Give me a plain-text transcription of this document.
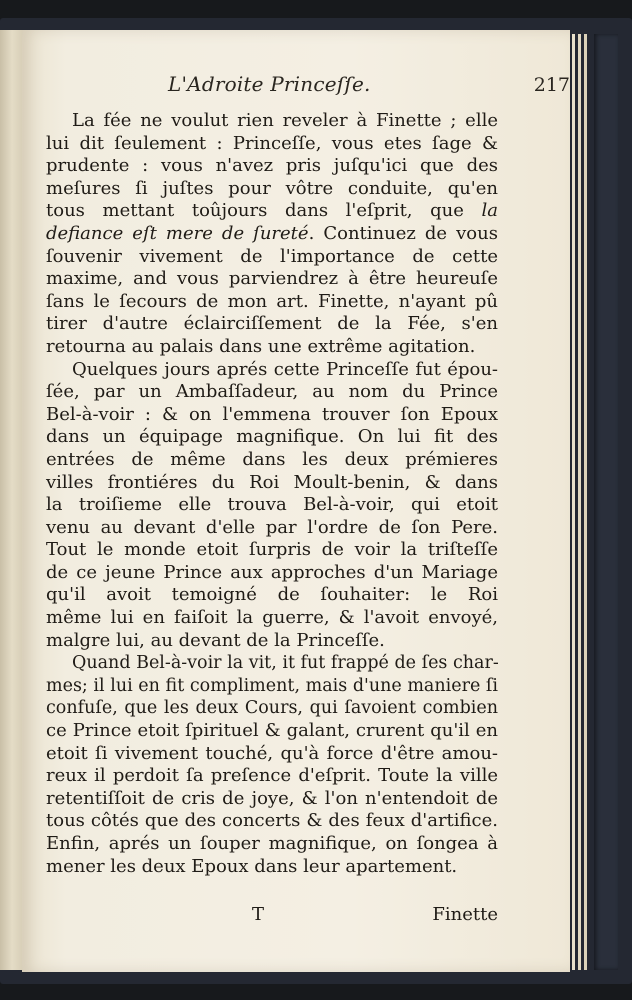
L'Adroite Princeſſe.	217
La fée ne voulut rien reveler à Finette ; elle
lui dit ſeulement : Princeſſe, vous etes ſage &
prudente : vous n'avez pris juſqu'ici que des
meſures ſi juſtes pour vôtre conduite, qu'en
tous mettant toûjours dans l'eſprit, que la
defiance eſt mere de ſureté. Continuez de vous
ſouvenir vivement de l'importance de cette
maxime, and vous parviendrez à être heureuſe
ſans le ſecours de mon art. Finette, n'ayant pû
tirer d'autre éclairciſſement de la Fée, s'en
retourna au palais dans une extrême agitation.
Quelques jours aprés cette Princeſſe fut épou-
ſée, par un Ambaſſadeur, au nom du Prince
Bel-à-voir : & on l'emmena trouver ſon Epoux
dans un équipage magnifique. On lui fit des
entrées de même dans les deux prémieres
villes frontiéres du Roi Moult-benin, & dans
la troiſieme elle trouva Bel-à-voir, qui etoit
venu au devant d'elle par l'ordre de ſon Pere.
Tout le monde etoit ſurpris de voir la triſteſſe
de ce jeune Prince aux approches d'un Mariage
qu'il avoit temoigné de ſouhaiter: le Roi
même lui en faiſoit la guerre, & l'avoit envoyé,
malgre lui, au devant de la Princeſſe.
Quand Bel-à-voir la vit, it fut frappé de ſes char-
mes; il lui en fit compliment, mais d'une maniere ſi
confuſe, que les deux Cours, qui ſavoient combien
ce Prince etoit ſpirituel & galant, crurent qu'il en
etoit ſi vivement touché, qu'à force d'être amou-
reux il perdoit ſa preſence d'eſprit. Toute la ville
retentiſſoit de cris de joye, & l'on n'entendoit de
tous côtés que des concerts & des feux d'artifice.
Enfin, aprés un ſouper magnifique, on ſongea à
mener les deux Epoux dans leur apartement.
T	Finette
